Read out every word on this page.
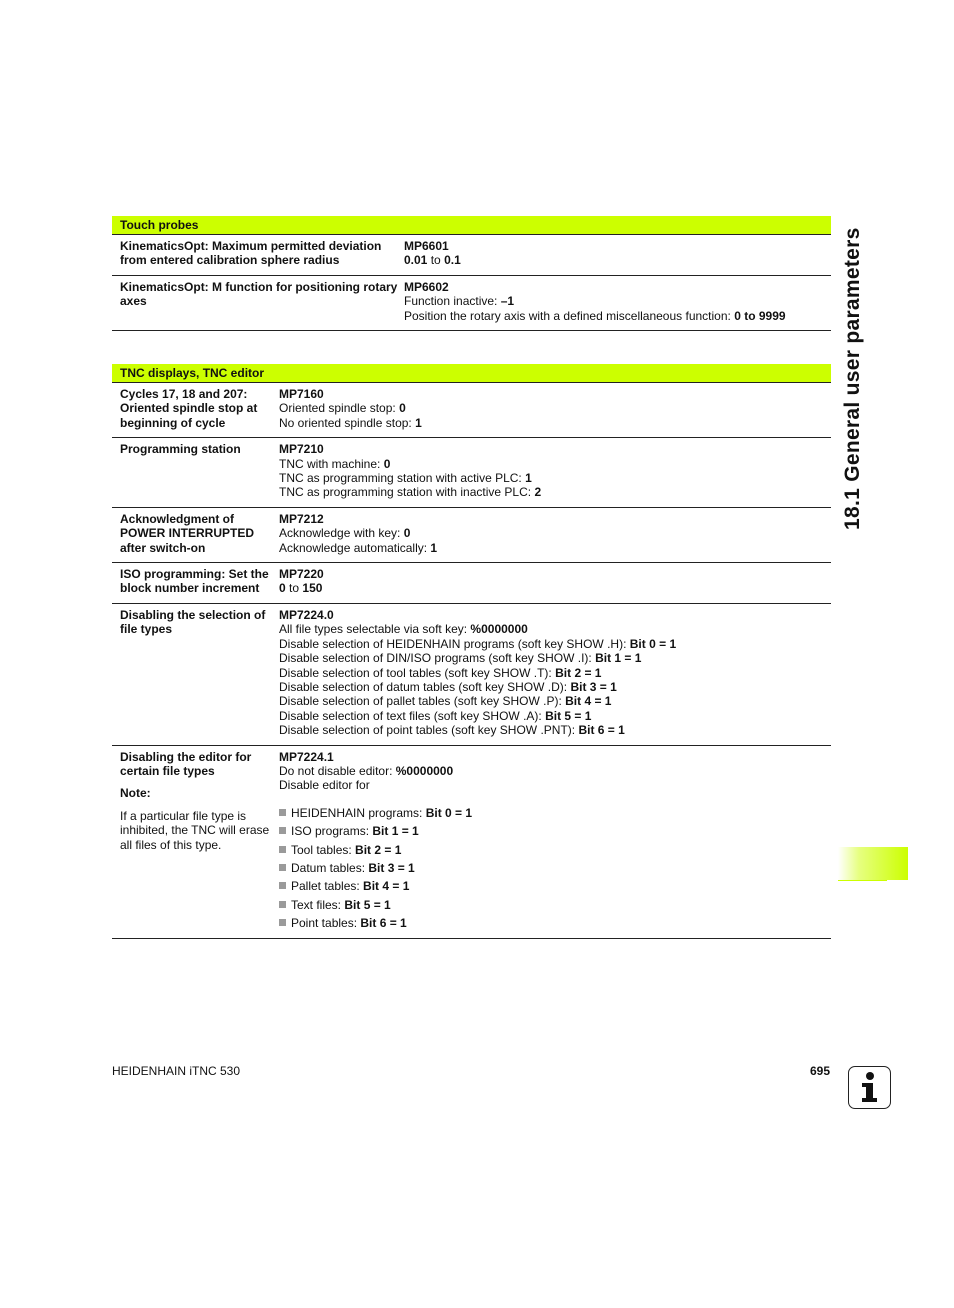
Touch probes
KinematicsOpt: Maximum permitted deviation from entered calibration sphere radius
MP6601
0.01 to 0.1
KinematicsOpt: M function for positioning rotary axes
MP6602
Function inactive: –1
Position the rotary axis with a defined miscellaneous function: 0 to 9999
TNC displays, TNC editor
Cycles 17, 18 and 207: Oriented spindle stop at beginning of cycle
MP7160
Oriented spindle stop: 0
No oriented spindle stop: 1
Programming station	MP7210
TNC with machine: 0
TNC as programming station with active PLC: 1
TNC as programming station with inactive PLC: 2
Acknowledgment of POWER INTERRUPTED after switch-on
MP7212
Acknowledge with key: 0
Acknowledge automatically: 1
ISO programming: Set the block number increment
MP7220
0 to 150
Disabling the selection of file types
MP7224.0
All file types selectable via soft key: %0000000
Disable selection of HEIDENHAIN programs (soft key SHOW .H): Bit 0 = 1
Disable selection of DIN/ISO programs (soft key SHOW .I): Bit 1 = 1
Disable selection of tool tables (soft key SHOW .T): Bit 2 = 1
Disable selection of datum tables (soft key SHOW .D): Bit 3 = 1
Disable selection of pallet tables (soft key SHOW .P): Bit 4 = 1
Disable selection of text files (soft key SHOW .A): Bit 5 = 1
Disable selection of point tables (soft key SHOW .PNT): Bit 6 = 1
Disabling the editor for certain file types
Note:
If a particular file type is inhibited, the TNC will erase all files of this type.
MP7224.1
Do not disable editor: %0000000
Disable editor for
HEIDENHAIN programs: Bit 0 = 1
ISO programs: Bit 1 = 1
Tool tables: Bit 2 = 1
Datum tables: Bit 3 = 1
Pallet tables: Bit 4 = 1
Text files: Bit 5 = 1
Point tables: Bit 6 = 1
18.1 General user parameters
HEIDENHAIN iTNC 530	695
